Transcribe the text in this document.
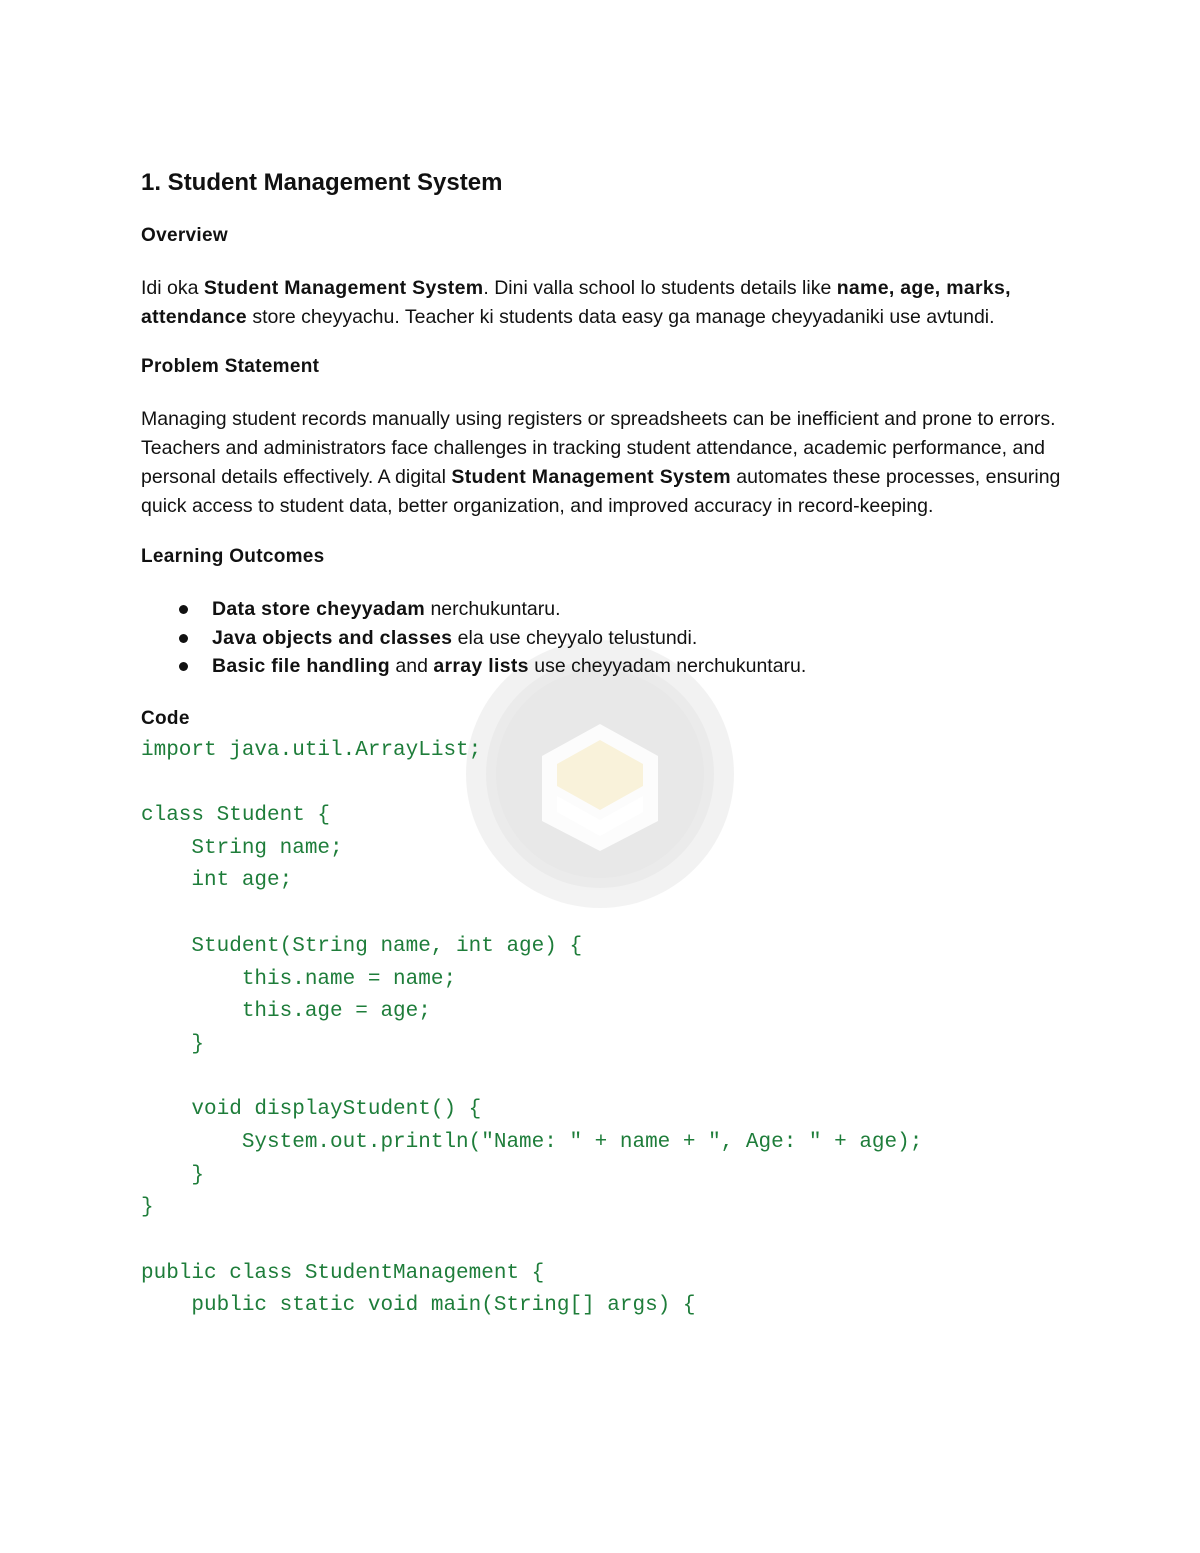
1. Student Management System
Overview

Idi oka Student Management System. Dini valla school lo students details like name, age, marks, attendance store cheyyachu. Teacher ki students data easy ga manage cheyyadaniki use avtundi.

Problem Statement

Managing student records manually using registers or spreadsheets can be inefficient and prone to errors. Teachers and administrators face challenges in tracking student attendance, academic performance, and personal details effectively. A digital Student Management System automates these processes, ensuring quick access to student data, better organization, and improved accuracy in record-keeping.

Learning Outcomes
Data store cheyyadam nerchukuntaru.
Java objects and classes ela use cheyyalo telustundi.
Basic file handling and array lists use cheyyadam nerchukuntaru.
Code
import java.util.ArrayList;
class Student {
String name;
int age;
Student(String name, int age) {
this.name = name;
this.age = age;
}
void displayStudent() {
System.out.println("Name: " + name + ", Age: " + age);
}
}
public class StudentManagement {
public static void main(String[] args) {
